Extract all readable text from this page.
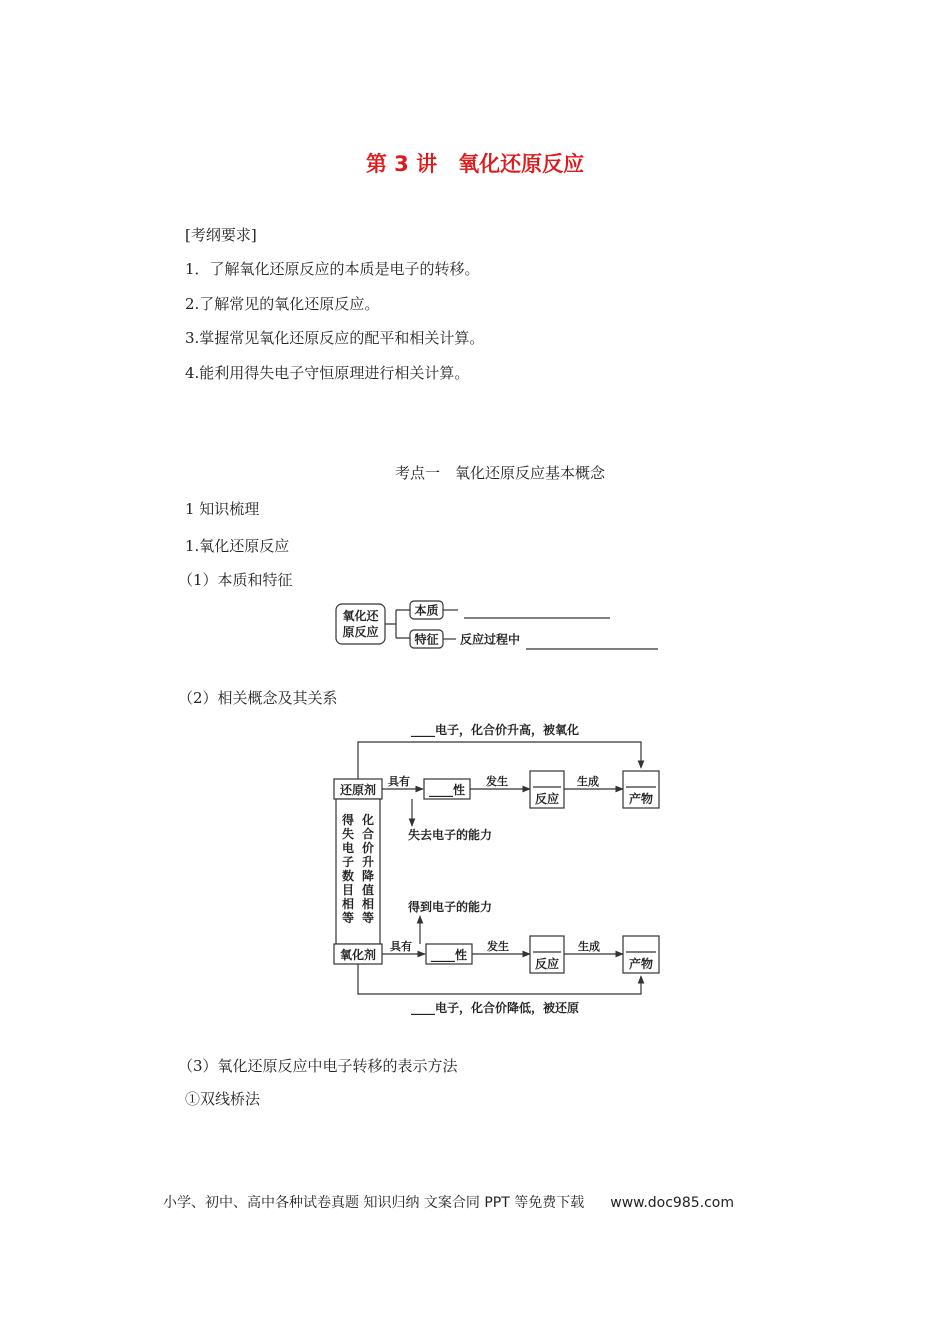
第 3 讲　氧化还原反应
[考纲要求]
1．了解氧化还原反应的本质是电子的转移。
2.了解常见的氧化还原反应。
3.掌握常见氧化还原反应的配平和相关计算。
4.能利用得失电子守恒原理进行相关计算。
考点一　氧化还原反应基本概念
1 知识梳理
1.氧化还原反应
（1）本质和特征
氧化还
原反应
本质
特征 反应过程中
（2）相关概念及其关系
____电子，化合价升高，被氧化
还原剂
具有
____性
发生
反应
生成
产物
失去电子的能力
得到电子的能力
得 失 电 子 数 目 相 等
化 合 价 升 降 值 相 等
氧化剂
具有
____性
发生
反应
生成
产物
____电子，化合价降低，被还原
（3）氧化还原反应中电子转移的表示方法
①双线桥法
小学、初中、高中各种试卷真题 知识归纳 文案合同 PPT 等免费下载 www.doc985.com
